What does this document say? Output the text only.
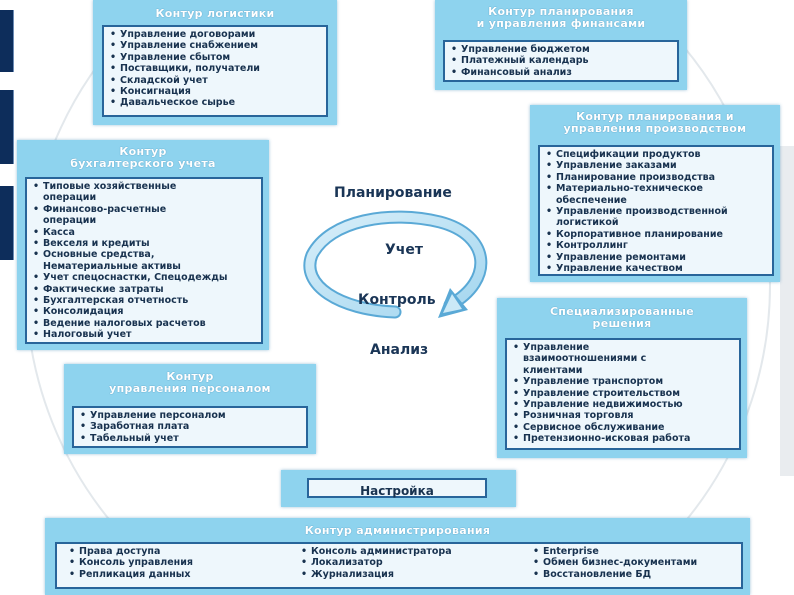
Контур логистики
• Управление договорами
• Управление снабжением
• Управление сбытом
• Поставщики, получатели
• Складской учет
• Консигнация
• Давальческое сырье
Контур планирования
и управления финансами
• Управление бюджетом
• Платежный календарь
• Финансовый анализ
Контур планирования и
управления производством
• Спецификации продуктов
• Управление заказами
• Планирование производства
• Материально-техническое обеспечение
• Управление производственной логистикой
• Корпоративное планирование
• Контроллинг
• Управление ремонтами
• Управление качеством
Контур
бухгалтерского учета
• Типовые хозяйственные операции
• Финансово-расчетные операции
• Касса
• Векселя и кредиты
• Основные средства, Нематериальные активы
• Учет спецоснастки, Спецодежды
• Фактические затраты
• Бухгалтерская отчетность
• Консолидация
• Ведение налоговых расчетов
• Налоговый учет
Планирование
Учет
Контроль
Анализ
Специализированные
решения
• Управление взаимоотношениями с клиентами
• Управление транспортом
• Управление строительством
• Управление недвижимостью
• Розничная торговля
• Сервисное обслуживание
• Претензионно-исковая работа
Контур
управления персоналом
• Управление персоналом
• Заработная плата
• Табельный учет
Настройка
Контур администрирования
• Права доступа
• Консоль управления
• Репликация данных
• Консоль администратора
• Локализатор
• Журнализация
• Enterprise
• Обмен бизнес-документами
• Восстановление БД
